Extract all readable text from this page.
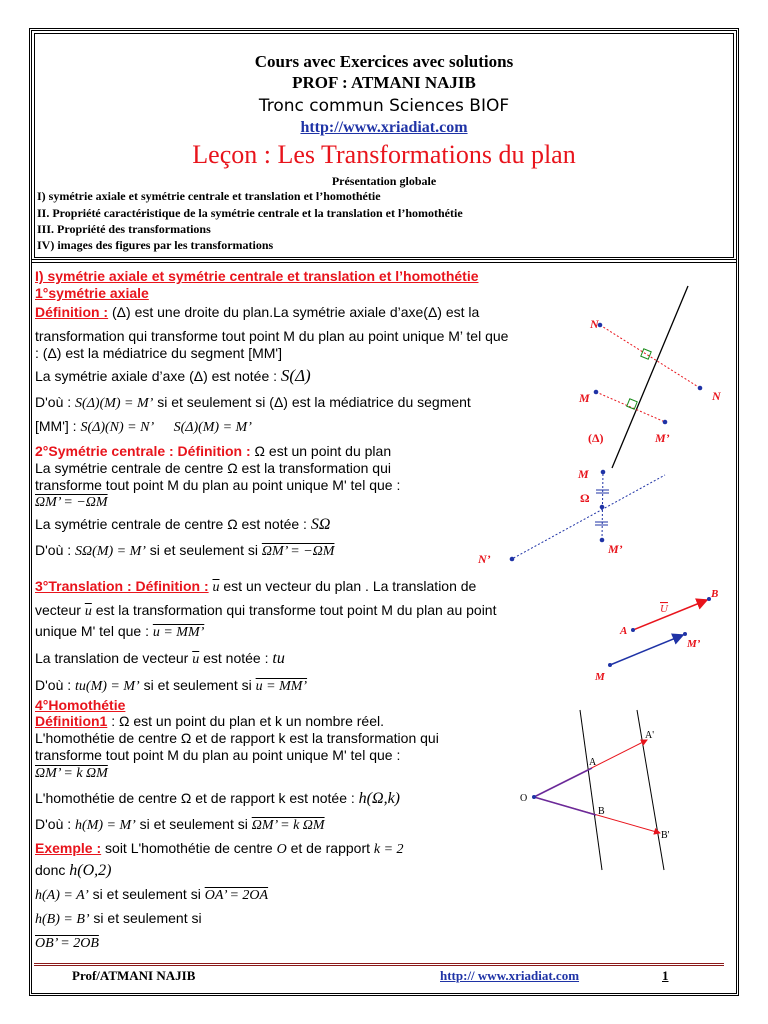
Cours avec Exercices avec solutions
PROF : ATMANI NAJIB
Tronc commun Sciences BIOF
http://www.xriadiat.com
Leçon : Les Transformations du plan
Présentation globale
I) symétrie axiale et symétrie centrale et translation et l’homothétie
II. Propriété caractéristique de la symétrie centrale et la translation et l’homothétie
III. Propriété des transformations
IV) images des figures par les transformations
I) symétrie axiale et symétrie centrale et translation et l’homothétie
1°symétrie axiale
Définition : (Δ) est une droite du plan.La symétrie axiale d’axe(Δ) est la
transformation qui transforme tout point M du plan au point unique M’ tel que
: (Δ) est la médiatrice du segment [MM']
La symétrie axiale d’axe (Δ) est notée : S(Δ)
D'où : S(Δ)(M) = M’ si et seulement si (Δ) est la médiatrice du segment
[MM'] : S(Δ)(N) = N’ S(Δ)(M) = M’
2°Symétrie centrale : Définition : Ω est un point du plan
La symétrie centrale de centre Ω est la transformation qui
transforme tout point M du plan au point unique M' tel que :
ΩM’ = −ΩM
La symétrie centrale de centre Ω est notée : SΩ
D'où : SΩ(M) = M’ si et seulement si ΩM’ = −ΩM
3°Translation : Définition : $\overline{u}$ est un vecteur du plan . La translation de
vecteur $\overline{u}$ est la transformation qui transforme tout point M du plan au point
unique M' tel que : u = MM’
La translation de vecteur $\overline{u}$ est notée : tu
D'où : tu(M) = M’ si et seulement si u = MM’
4°Homothétie
Définition1 : Ω est un point du plan et k un nombre réel.
L'homothétie de centre Ω et de rapport k est la transformation qui
transforme tout point M du plan au point unique M' tel que :
ΩM’ = k ΩM
L'homothétie de centre Ω et de rapport k est notée : h(Ω,k)
D'où : h(M) = M’ si et seulement si ΩM’ = k ΩM
Exemple : soit L'homothétie de centre O et de rapport k = 2
donc h(O,2)
h(A) = A’ si et seulement si OA’ = 2OA
h(B) = B’ si et seulement si
OB’ = 2OB
N
N
M
M’
(Δ)
M
Ω
M’
N’
A
B
U
M
M’
O
A
A'
B
B'
Prof/ATMANI NAJIB	http:// www.xriadiat.com	1
